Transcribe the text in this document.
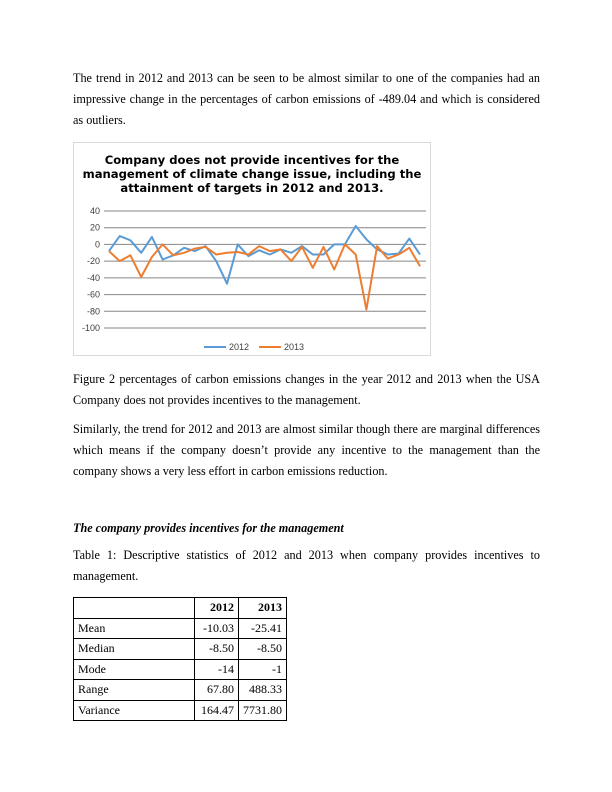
The trend in 2012 and 2013 can be seen to be almost similar to one of the companies had an impressive change in the percentages of carbon emissions of -489.04 and which is considered as outliers.

Company does not provide incentives for the management of climate change issue, including the attainment of targets in 2012 and 2013.
40
20
0
-20
-40
-60
-80
-100
2012	2013

Figure 2 percentages of carbon emissions changes in the year 2012 and 2013 when the USA Company does not provides incentives to the management.

Similarly, the trend for 2012 and 2013 are almost similar though there are marginal differences which means if the company doesn’t provide any incentive to the management than the company shows a very less effort in carbon emissions reduction.

The company provides incentives for the management

Table 1: Descriptive statistics of 2012 and 2013 when company provides incentives to management.

	2012	2013
Mean	-10.03	-25.41
Median	-8.50	-8.50
Mode	-14	-1
Range	67.80	488.33
Variance	164.47	7731.80
